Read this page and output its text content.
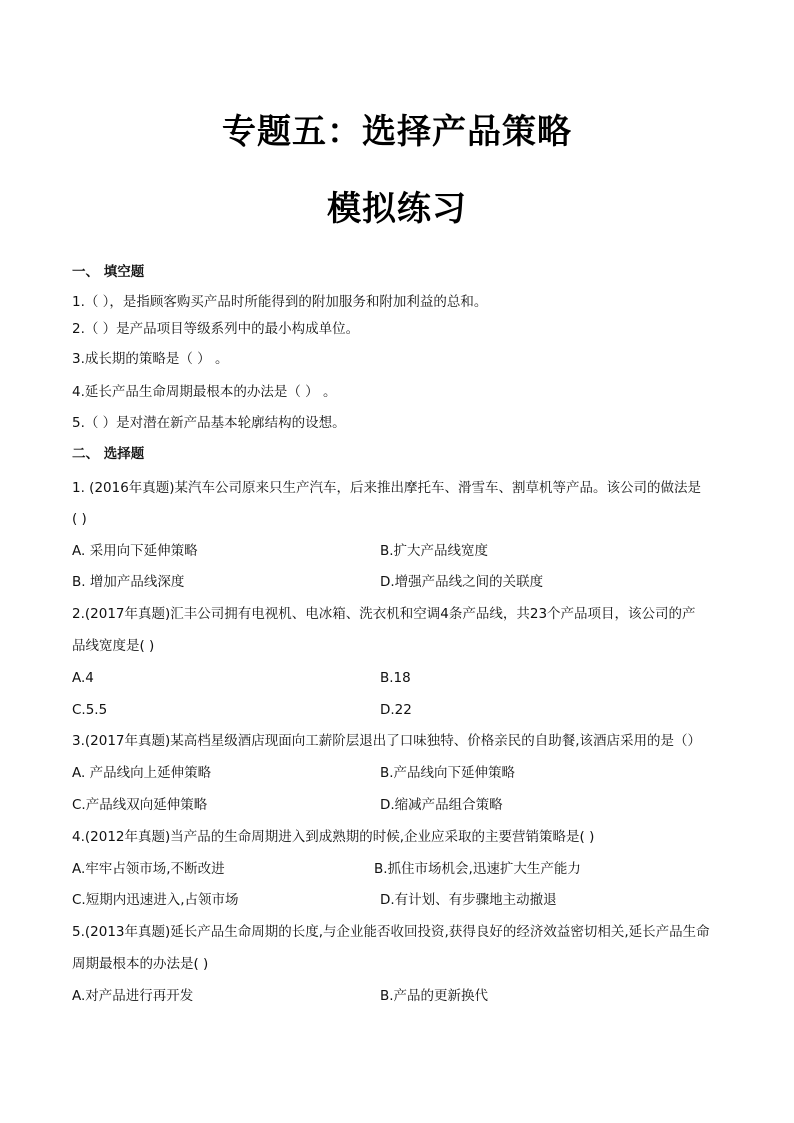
专题五：选择产品策略
模拟练习
一、 填空题
1.（ ），是指顾客购买产品时所能得到的附加服务和附加利益的总和。
2.（ ）是产品项目等级系列中的最小构成单位。
3.成长期的策略是（ ） 。
4.延长产品生命周期最根本的办法是（ ） 。
5.（ ）是对潜在新产品基本轮廓结构的设想。
二、 选择题
1. (2016年真题)某汽车公司原来只生产汽车，后来推出摩托车、滑雪车、割草机等产品。该公司的做法是
( )
A. 采用向下延伸策略	B.扩大产品线宽度
B. 增加产品线深度	D.增强产品线之间的关联度
2.(2017年真题)汇丰公司拥有电视机、电冰箱、洗衣机和空调4条产品线，共23个产品项目，该公司的产
品线宽度是( )
A.4	B.18
C.5.5	D.22
3.(2017年真题)某高档星级酒店现面向工薪阶层退出了口味独特、价格亲民的自助餐,该酒店采用的是（）
A. 产品线向上延伸策略	B.产品线向下延伸策略
C.产品线双向延伸策略	D.缩减产品组合策略
4.(2012年真题)当产品的生命周期进入到成熟期的时候,企业应采取的主要营销策略是( )
A.牢牢占领市场,不断改进	B.抓住市场机会,迅速扩大生产能力
C.短期内迅速进入,占领市场	D.有计划、有步骤地主动撤退
5.(2013年真题)延长产品生命周期的长度,与企业能否收回投资,获得良好的经济效益密切相关,延长产品生命
周期最根本的办法是( )
A.对产品进行再开发	B.产品的更新换代
